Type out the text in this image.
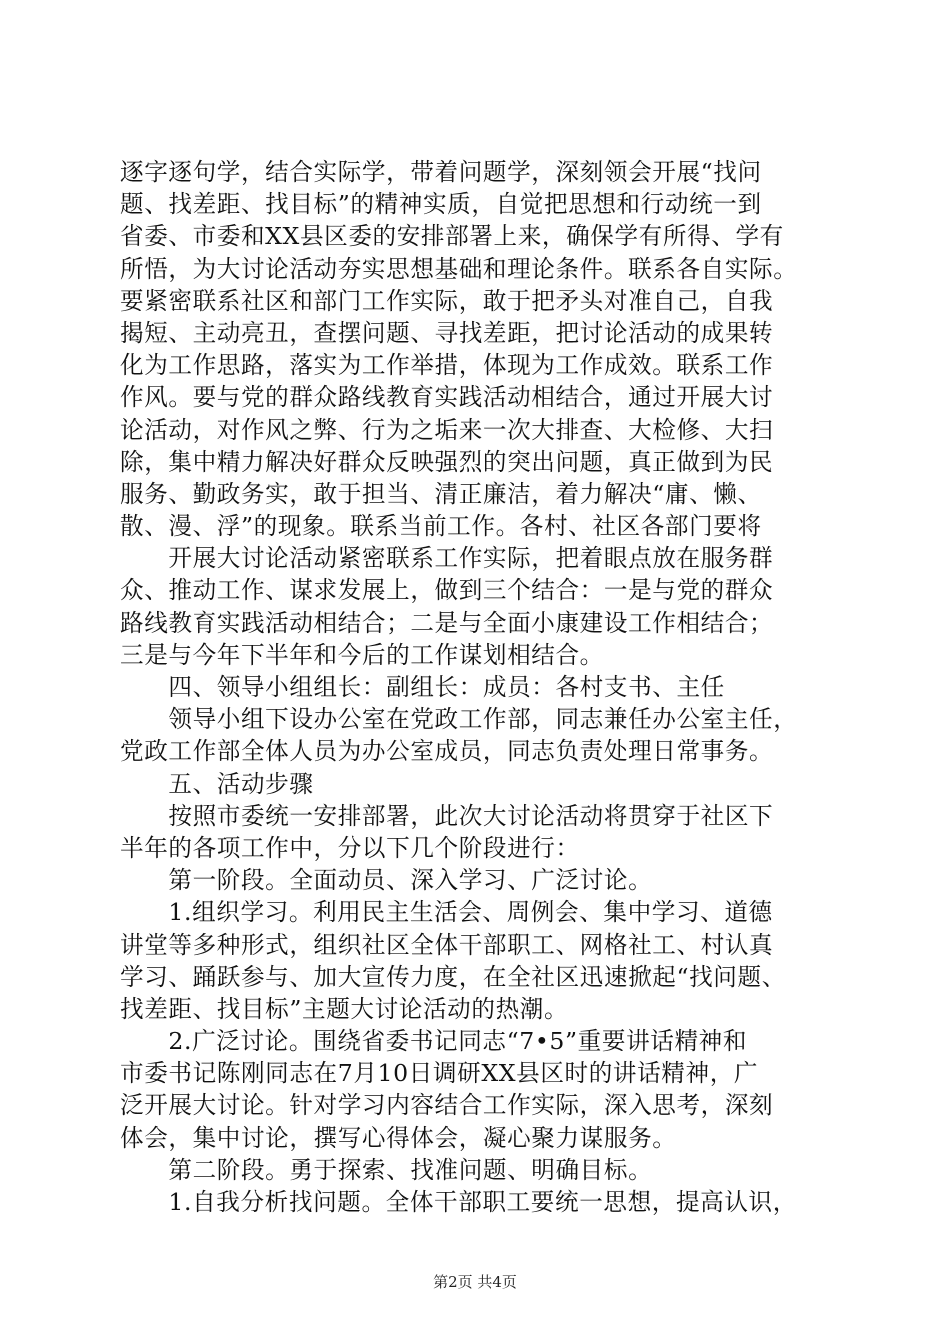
逐字逐句学，结合实际学，带着问题学，深刻领会开展“找问
题、找差距、找目标”的精神实质，自觉把思想和行动统一到
省委、市委和XX县区委的安排部署上来，确保学有所得、学有
所悟，为大讨论活动夯实思想基础和理论条件。联系各自实际。
要紧密联系社区和部门工作实际，敢于把矛头对准自己，自我
揭短、主动亮丑，查摆问题、寻找差距，把讨论活动的成果转
化为工作思路，落实为工作举措，体现为工作成效。联系工作
作风。要与党的群众路线教育实践活动相结合，通过开展大讨
论活动，对作风之弊、行为之垢来一次大排查、大检修、大扫
除，集中精力解决好群众反映强烈的突出问题，真正做到为民
服务、勤政务实，敢于担当、清正廉洁，着力解决“庸、懒、
散、漫、浮”的现象。联系当前工作。各村、社区各部门要将
　　开展大讨论活动紧密联系工作实际，把着眼点放在服务群
众、推动工作、谋求发展上，做到三个结合：一是与党的群众
路线教育实践活动相结合；二是与全面小康建设工作相结合；
三是与今年下半年和今后的工作谋划相结合。
　　四、领导小组组长：副组长：成员：各村支书、主任
　　领导小组下设办公室在党政工作部，同志兼任办公室主任，
党政工作部全体人员为办公室成员，同志负责处理日常事务。
　　五、活动步骤
　　按照市委统一安排部署，此次大讨论活动将贯穿于社区下
半年的各项工作中，分以下几个阶段进行：
　　第一阶段。全面动员、深入学习、广泛讨论。
　　1.组织学习。利用民主生活会、周例会、集中学习、道德
讲堂等多种形式，组织社区全体干部职工、网格社工、村认真
学习、踊跃参与、加大宣传力度，在全社区迅速掀起“找问题、
找差距、找目标”主题大讨论活动的热潮。
　　2.广泛讨论。围绕省委书记同志“7•5”重要讲话精神和
市委书记陈刚同志在7月10日调研XX县区时的讲话精神，广
泛开展大讨论。针对学习内容结合工作实际，深入思考，深刻
体会，集中讨论，撰写心得体会，凝心聚力谋服务。
　　第二阶段。勇于探索、找准问题、明确目标。
　　1.自我分析找问题。全体干部职工要统一思想，提高认识，
第2页 共4页
